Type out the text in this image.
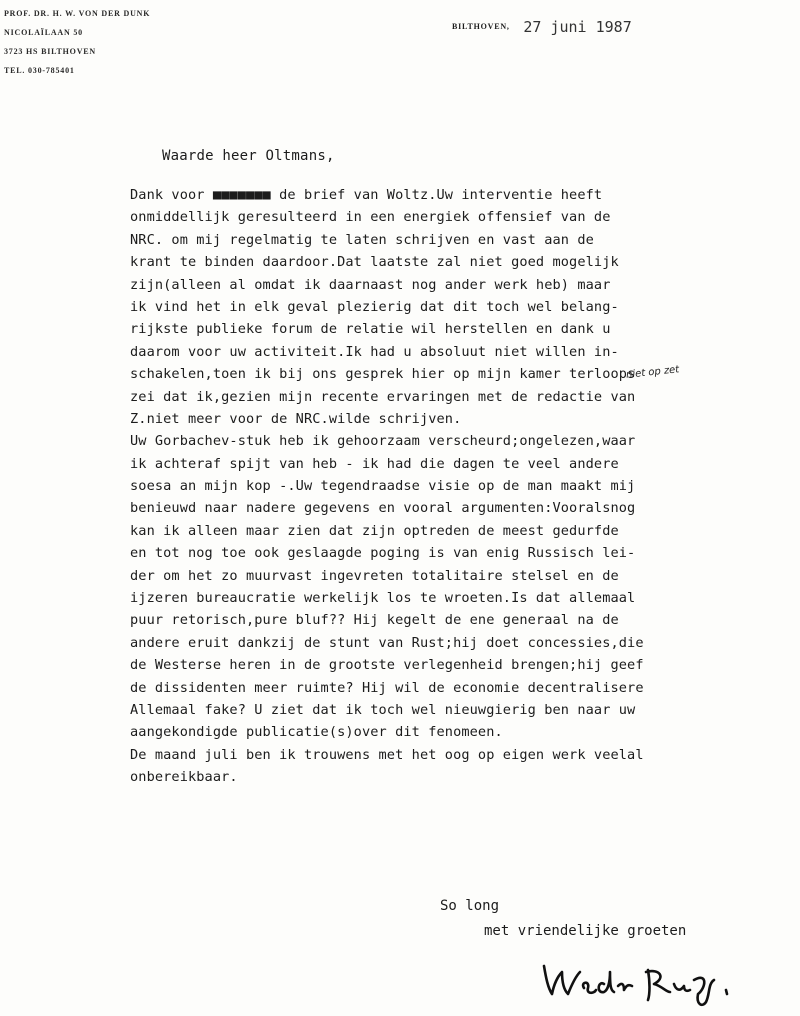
PROF. DR. H. W. VON DER DUNK
NICOLAÏLAAN 50
3723 HS BILTHOVEN
TEL. 030-785401
BILTHOVEN, 27 juni 1987
Waarde heer Oltmans,
Dank voor ■■■■■■■ de brief van Woltz.Uw interventie heeft
onmiddellijk geresulteerd in een energiek offensief van de
NRC. om mij regelmatig te laten schrijven en vast aan de
krant te binden daardoor.Dat laatste zal niet goed mogelijk
zijn(alleen al omdat ik daarnaast nog ander werk heb) maar
ik vind het in elk geval plezierig dat dit toch wel belang-
rijkste publieke forum de relatie wil herstellen en dank u
daarom voor uw activiteit.Ik had u absoluut niet willen in-
schakelen,toen ik bij ons gesprek hier op mijn kamer terloops
zei dat ik,gezien mijn recente ervaringen met de redactie van
Z.niet meer voor de NRC.wilde schrijven.
Uw Gorbachev-stuk heb ik gehoorzaam verscheurd;ongelezen,waar
ik achteraf spijt van heb - ik had die dagen te veel andere
soesa an mijn kop -.Uw tegendraadse visie op de man maakt mij
benieuwd naar nadere gegevens en vooral argumenten:Vooralsnog
kan ik alleen maar zien dat zijn optreden de meest gedurfde
en tot nog toe ook geslaagde poging is van enig Russisch lei-
der om het zo muurvast ingevreten totalitaire stelsel en de
ijzeren bureaucratie werkelijk los te wroeten.Is dat allemaal
puur retorisch,pure bluf?? Hij kegelt de ene generaal na de
andere eruit dankzij de stunt van Rust;hij doet concessies,die
de Westerse heren in de grootste verlegenheid brengen;hij geef
de dissidenten meer ruimte? Hij wil de economie decentralisere
Allemaal fake? U ziet dat ik toch wel nieuwgierig ben naar uw
aangekondigde publicatie(s)over dit fenomeen.
De maand juli ben ik trouwens met het oog op eigen werk veelal
onbereikbaar.
niet op zet
So long
met vriendelijke groeten
